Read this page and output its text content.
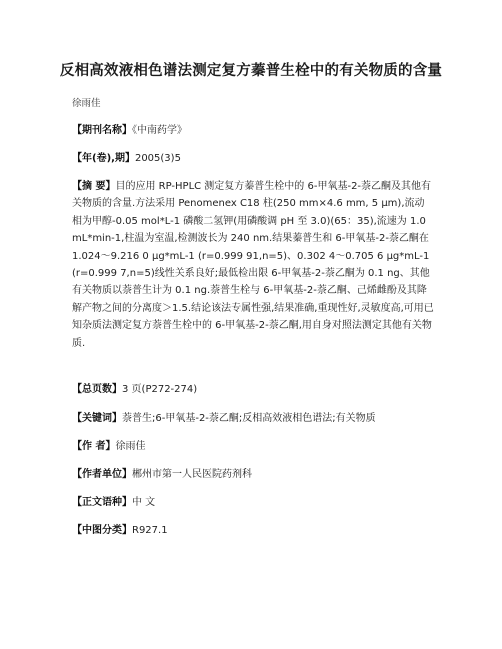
反相高效液相色谱法测定复方蓁普生栓中的有关物质的含量
徐雨佳
【期刊名称】《中南药学》
【年(卷),期】2005(3)5
【摘 要】目的应用 RP-HPLC 测定复方蓁普生栓中的 6-甲氧基-2-萘乙酮及其他有关物质的含量.方法采用 Penomenex C18 柱(250 mm×4.6 mm, 5 μm),流动相为甲醇-0.05 mol*L-1 磷酸二氢钾(用磷酸调 pH 至 3.0)(65：35),流速为 1.0 mL*min-1,柱温为室温,检测波长为 240 nm.结果蓁普生和 6-甲氧基-2-萘乙酮在 1.024～9.216 0 μg*mL-1 (r=0.999 91,n=5)、0.302 4～0.705 6 μg*mL-1(r=0.999 7,n=5)线性关系良好;最低检出限 6-甲氧基-2-萘乙酮为 0.1 ng、其他有关物质以萘普生计为 0.1 ng.萘普生栓与 6-甲氧基-2-萘乙酮、己烯雌酚及其降解产物之间的分离度＞1.5.结论该法专属性强,结果准确,重现性好,灵敏度高,可用已知杂质法测定复方萘普生栓中的 6-甲氧基-2-萘乙酮,用自身对照法测定其他有关物质.
【总页数】3 页(P272-274)
【关键词】萘普生;6-甲氧基-2-萘乙酮;反相高效液相色谱法;有关物质
【作 者】徐雨佳
【作者单位】郴州市第一人民医院药剂科
【正文语种】中 文
【中图分类】R927.1
